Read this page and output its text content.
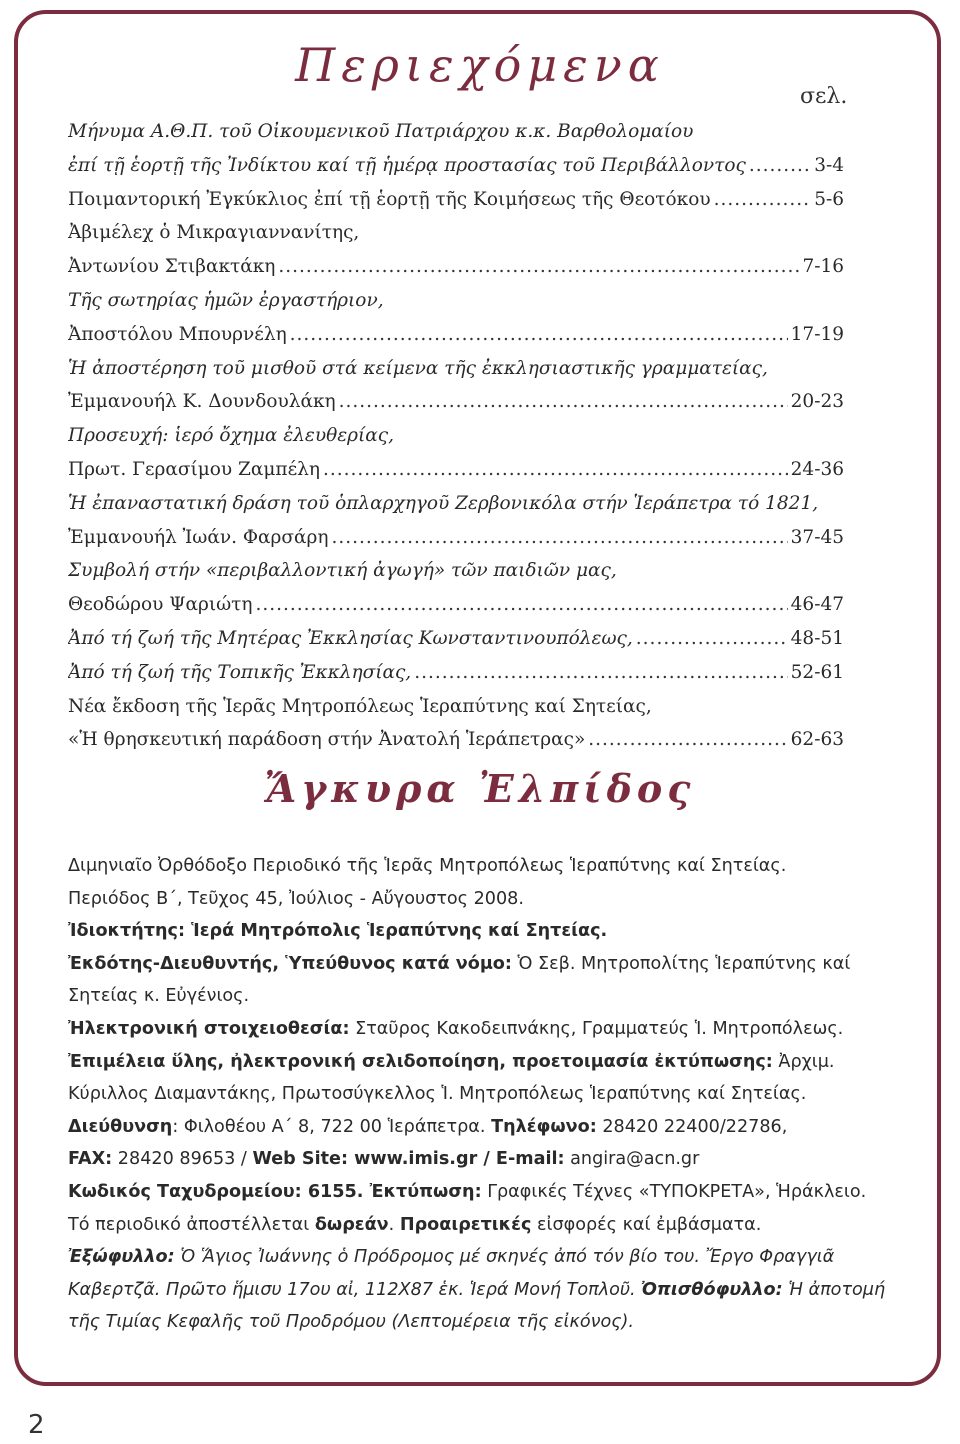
Περιεχόμενα
σελ.
Μήνυμα Α.Θ.Π. τοῦ Οἰκουμενικοῦ Πατριάρχου κ.κ. Βαρθολομαίου
ἐπί τῇ ἑορτῇ τῆς Ἰνδίκτου καί τῇ ἡμέρᾳ προστασίας τοῦ Περιβάλλοντος .....	3-4
Ποιμαντορική Ἐγκύκλιος ἐπί τῇ ἑορτῇ τῆς Κοιμήσεως τῆς Θεοτόκου .....	5-6
Ἀβιμέλεχ ὁ Μικραγιαννανίτης,
Ἀντωνίου Στιβακτάκη .....	7-16
Τῆς σωτηρίας ἡμῶν ἐργαστήριον,
Ἀποστόλου Μπουρνέλη .....	17-19
Ἡ ἀποστέρηση τοῦ μισθοῦ στά κείμενα τῆς ἐκκλησιαστικῆς γραμματείας,
Ἐμμανουήλ Κ. Δουνδουλάκη .....	20-23
Προσευχή: ἱερό ὄχημα ἐλευθερίας,
Πρωτ. Γερασίμου Ζαμπέλη .....	24-36
Ἡ ἐπαναστατική δράση τοῦ ὁπλαρχηγοῦ Ζερβονικόλα στήν Ἱεράπετρα τό 1821,
Ἐμμανουήλ Ἰωάν. Φαρσάρη .....	37-45
Συμβολή στήν «περιβαλλοντική ἀγωγή» τῶν παιδιῶν μας,
Θεοδώρου Ψαριώτη .....	46-47
Ἀπό τή ζωή τῆς Μητέρας Ἐκκλησίας Κωνσταντινουπόλεως, .....	48-51
Ἀπό τή ζωή τῆς Τοπικῆς Ἐκκλησίας, .....	52-61
Νέα ἔκδοση τῆς Ἱερᾶς Μητροπόλεως Ἱεραπύτνης καί Σητείας,
«Ἡ θρησκευτική παράδοση στήν Ἀνατολή Ἱεράπετρας» .....	62-63
Ἄγκυρα Ἐλπίδος

Διμηνιαῖο Ὀρθόδοξο Περιοδικό τῆς Ἱερᾶς Μητροπόλεως Ἱεραπύτνης καί Σητείας.

Περιόδος Β΄, Τεῦχος 45, Ἰούλιος - Αὔγουστος 2008.

Ἰδιοκτήτης: Ἱερά Μητρόπολις Ἱεραπύτνης καί Σητείας.

Ἐκδότης-Διευθυντής, Ὑπεύθυνος κατά νόμο: Ὁ Σεβ. Μητροπολίτης Ἱεραπύτνης καί Σητείας κ. Εὐγένιος.

Ἠλεκτρονική στοιχειοθεσία: Σταῦρος Κακοδειπνάκης, Γραμματεύς Ἱ. Μητροπόλεως.

Ἐπιμέλεια ὕλης, ἠλεκτρονική σελιδοποίηση, προετοιμασία ἐκτύπωσης: Ἀρχιμ. Κύριλλος Διαμαντάκης, Πρωτοσύγκελλος Ἱ. Μητροπόλεως Ἱεραπύτνης καί Σητείας.

Διεύθυνση: Φιλοθέου Α΄ 8, 722 00 Ἱεράπετρα. Τηλέφωνο: 28420 22400/22786,

FAX: 28420 89653 / Web Site: www.imis.gr / E-mail: angira@acn.gr

Κωδικός Ταχυδρομείου: 6155. Ἐκτύπωση: Γραφικές Τέχνες «ΤΥΠΟΚΡΕΤΑ», Ἡράκλειο.

Τό περιοδικό ἀποστέλλεται δωρεάν. Προαιρετικές εἰσφορές καί ἐμβάσματα.

Ἐξώφυλλο: Ὁ Ἅγιος Ἰωάννης ὁ Πρόδρομος μέ σκηνές ἀπό τόν βίο του. Ἔργο Φραγγιᾶ Καβερτζᾶ. Πρῶτο ἥμισυ 17ου αἰ, 112Χ87 ἑκ. Ἱερά Μονή Τοπλοῦ. Ὀπισθόφυλλο: Ἡ ἀποτομή τῆς Τιμίας Κεφαλῆς τοῦ Προδρόμου (Λεπτομέρεια τῆς εἰκόνος).

2
